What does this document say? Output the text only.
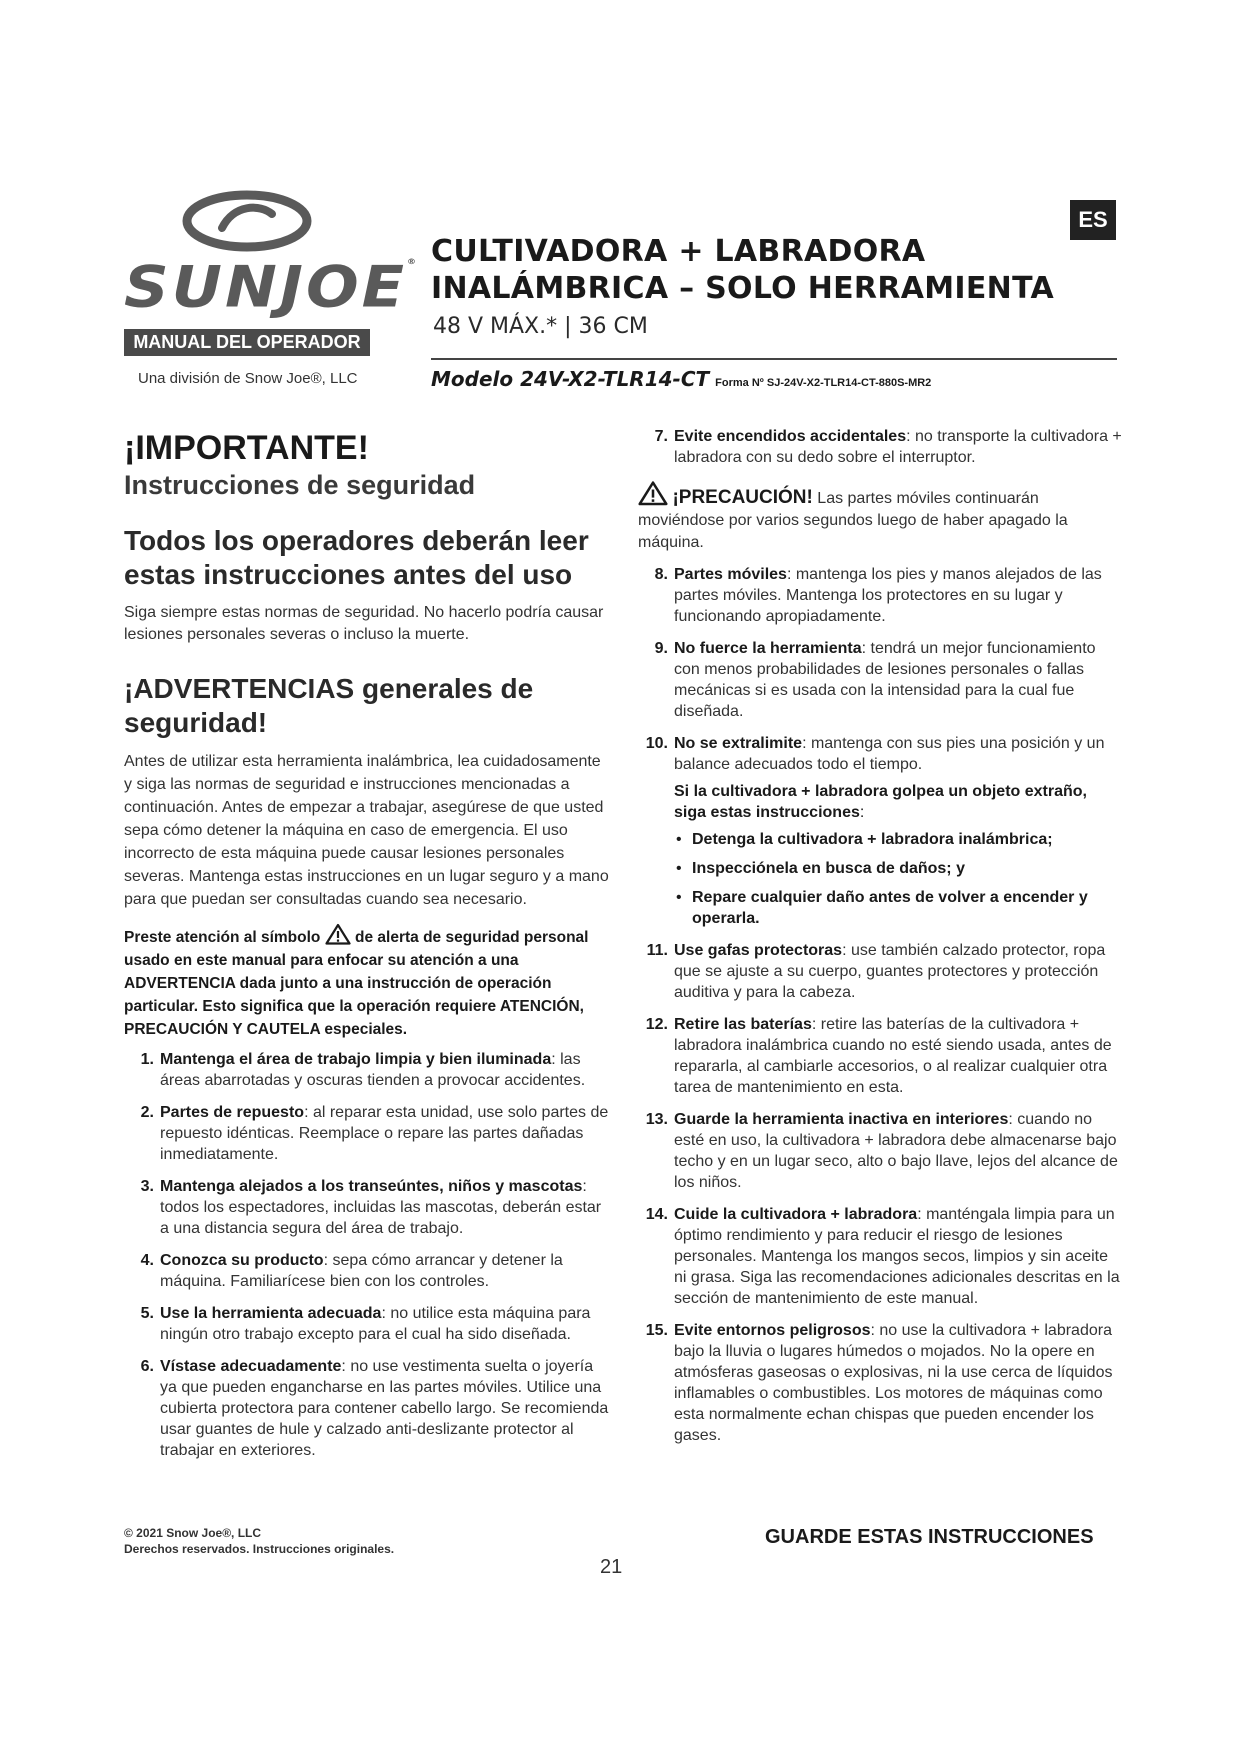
SUNJOE®
MANUAL DEL OPERADOR
Una división de Snow Joe®, LLC
ES
CULTIVADORA + LABRADORA
INALÁMBRICA – SOLO HERRAMIENTA
48 V MÁX.* | 36 CM
Modelo 24V-X2-TLR14-CT Forma Nº SJ-24V-X2-TLR14-CT-880S-MR2
¡IMPORTANTE!
Instrucciones de seguridad
Todos los operadores deberán leer estas instrucciones antes del uso

Siga siempre estas normas de seguridad. No hacerlo podría causar lesiones personales severas o incluso la muerte.

¡ADVERTENCIAS generales de seguridad!

Antes de utilizar esta herramienta inalámbrica, lea cuidadosamente y siga las normas de seguridad e instrucciones mencionadas a continuación. Antes de empezar a trabajar, asegúrese de que usted sepa cómo detener la máquina en caso de emergencia. El uso incorrecto de esta máquina puede causar lesiones personales severas. Mantenga estas instrucciones en un lugar seguro y a mano para que puedan ser consultadas cuando sea necesario.

Preste atención al símbolo de alerta de seguridad personal usado en este manual para enfocar su atención a una ADVERTENCIA dada junto a una instrucción de operación particular. Esto significa que la operación requiere ATENCIÓN, PRECAUCIÓN Y CAUTELA especiales.

1. Mantenga el área de trabajo limpia y bien iluminada: las áreas abarrotadas y oscuras tienden a provocar accidentes.
2. Partes de repuesto: al reparar esta unidad, use solo partes de repuesto idénticas. Reemplace o repare las partes dañadas inmediatamente.
3. Mantenga alejados a los transeúntes, niños y mascotas: todos los espectadores, incluidas las mascotas, deberán estar a una distancia segura del área de trabajo.
4. Conozca su producto: sepa cómo arrancar y detener la máquina. Familiarícese bien con los controles.
5. Use la herramienta adecuada: no utilice esta máquina para ningún otro trabajo excepto para el cual ha sido diseñada.
6. Vístase adecuadamente: no use vestimenta suelta o joyería ya que pueden engancharse en las partes móviles. Utilice una cubierta protectora para contener cabello largo. Se recomienda usar guantes de hule y calzado anti-deslizante protector al trabajar en exteriores.
7. Evite encendidos accidentales: no transporte la cultivadora + labradora con su dedo sobre el interruptor.
¡PRECAUCIÓN! Las partes móviles continuarán moviéndose por varios segundos luego de haber apagado la máquina.
8. Partes móviles: mantenga los pies y manos alejados de las partes móviles. Mantenga los protectores en su lugar y funcionando apropiadamente.
9. No fuerce la herramienta: tendrá un mejor funcionamiento con menos probabilidades de lesiones personales o fallas mecánicas si es usada con la intensidad para la cual fue diseñada.
10. No se extralimite: mantenga con sus pies una posición y un balance adecuados todo el tiempo.
Si la cultivadora + labradora golpea un objeto extraño, siga estas instrucciones:
• Detenga la cultivadora + labradora inalámbrica;
• Inspecciónela en busca de daños; y
• Repare cualquier daño antes de volver a encender y operarla.
11. Use gafas protectoras: use también calzado protector, ropa que se ajuste a su cuerpo, guantes protectores y protección auditiva y para la cabeza.
12. Retire las baterías: retire las baterías de la cultivadora + labradora inalámbrica cuando no esté siendo usada, antes de repararla, al cambiarle accesorios, o al realizar cualquier otra tarea de mantenimiento en esta.
13. Guarde la herramienta inactiva en interiores: cuando no esté en uso, la cultivadora + labradora debe almacenarse bajo techo y en un lugar seco, alto o bajo llave, lejos del alcance de los niños.
14. Cuide la cultivadora + labradora: manténgala limpia para un óptimo rendimiento y para reducir el riesgo de lesiones personales. Mantenga los mangos secos, limpios y sin aceite ni grasa. Siga las recomendaciones adicionales descritas en la sección de mantenimiento de este manual.
15. Evite entornos peligrosos: no use la cultivadora + labradora bajo la lluvia o lugares húmedos o mojados. No la opere en atmósferas gaseosas o explosivas, ni la use cerca de líquidos inflamables o combustibles. Los motores de máquinas como esta normalmente echan chispas que pueden encender los gases.
© 2021 Snow Joe®, LLC
Derechos reservados. Instrucciones originales.
GUARDE ESTAS INSTRUCCIONES
21
